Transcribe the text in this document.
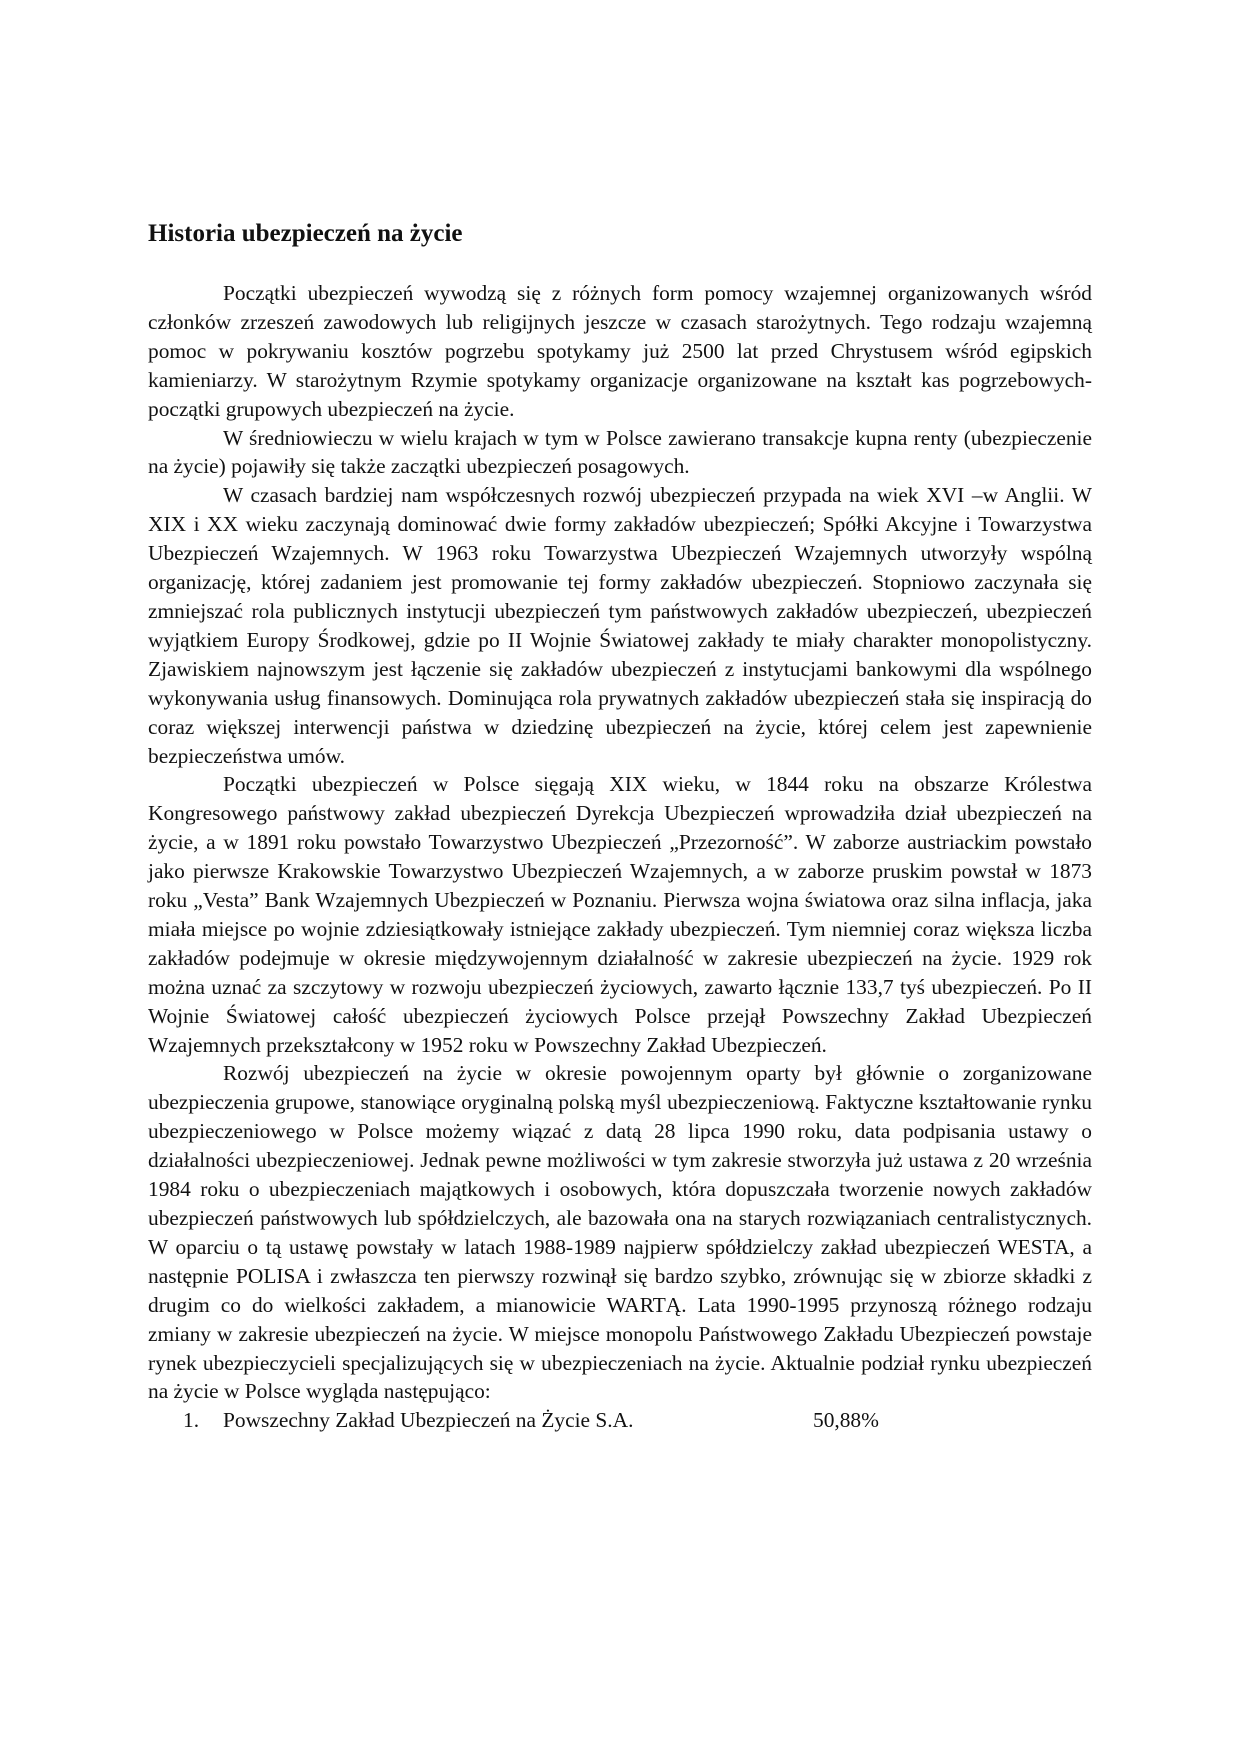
Historia ubezpieczeń na życie

Początki ubezpieczeń wywodzą się z różnych form pomocy wzajemnej organizowanych wśród członków zrzeszeń zawodowych lub religijnych jeszcze w czasach starożytnych. Tego rodzaju wzajemną pomoc w pokrywaniu kosztów pogrzebu spotykamy już 2500 lat przed Chrystusem wśród egipskich kamieniarzy. W starożytnym Rzymie spotykamy organizacje organizowane na kształt kas pogrzebowych-początki grupowych ubezpieczeń na życie.

W średniowieczu w wielu krajach w tym w Polsce zawierano transakcje kupna renty (ubezpieczenie na życie) pojawiły się także zaczątki ubezpieczeń posagowych.

W czasach bardziej nam współczesnych rozwój ubezpieczeń przypada na wiek XVI –w Anglii. W XIX i XX wieku zaczynają dominować dwie formy zakładów ubezpieczeń; Spółki Akcyjne i Towarzystwa Ubezpieczeń Wzajemnych. W 1963 roku Towarzystwa Ubezpieczeń Wzajemnych utworzyły wspólną organizację, której zadaniem jest promowanie tej formy zakładów ubezpieczeń. Stopniowo zaczynała się zmniejszać rola publicznych instytucji ubezpieczeń tym państwowych zakładów ubezpieczeń, ubezpieczeń wyjątkiem Europy Środkowej, gdzie po II Wojnie Światowej zakłady te miały charakter monopolistyczny. Zjawiskiem najnowszym jest łączenie się zakładów ubezpieczeń z instytucjami bankowymi dla wspólnego wykonywania usług finansowych. Dominująca rola prywatnych zakładów ubezpieczeń stała się inspiracją do coraz większej interwencji państwa w dziedzinę ubezpieczeń na życie, której celem jest zapewnienie bezpieczeństwa umów.

Początki ubezpieczeń w Polsce sięgają XIX wieku, w 1844 roku na obszarze Królestwa Kongresowego państwowy zakład ubezpieczeń Dyrekcja Ubezpieczeń wprowadziła dział ubezpieczeń na życie, a w 1891 roku powstało Towarzystwo Ubezpieczeń „Przezorność”. W zaborze austriackim powstało jako pierwsze Krakowskie Towarzystwo Ubezpieczeń Wzajemnych, a w zaborze pruskim powstał w 1873 roku „Vesta” Bank Wzajemnych Ubezpieczeń w Poznaniu. Pierwsza wojna światowa oraz silna inflacja, jaka miała miejsce po wojnie zdziesiątkowały istniejące zakłady ubezpieczeń. Tym niemniej coraz większa liczba zakładów podejmuje w okresie międzywojennym działalność w zakresie ubezpieczeń na życie. 1929 rok można uznać za szczytowy w rozwoju ubezpieczeń życiowych, zawarto łącznie 133,7 tyś ubezpieczeń. Po II Wojnie Światowej całość ubezpieczeń życiowych Polsce przejął Powszechny Zakład Ubezpieczeń Wzajemnych przekształcony w 1952 roku w Powszechny Zakład Ubezpieczeń.

Rozwój ubezpieczeń na życie w okresie powojennym oparty był głównie o zorganizowane ubezpieczenia grupowe, stanowiące oryginalną polską myśl ubezpieczeniową. Faktyczne kształtowanie rynku ubezpieczeniowego w Polsce możemy wiązać z datą 28 lipca 1990 roku, data podpisania ustawy o działalności ubezpieczeniowej. Jednak pewne możliwości w tym zakresie stworzyła już ustawa z 20 września 1984 roku o ubezpieczeniach majątkowych i osobowych, która dopuszczała tworzenie nowych zakładów ubezpieczeń państwowych lub spółdzielczych, ale bazowała ona na starych rozwiązaniach centralistycznych. W oparciu o tą ustawę powstały w latach 1988-1989 najpierw spółdzielczy zakład ubezpieczeń WESTA, a następnie POLISA i zwłaszcza ten pierwszy rozwinął się bardzo szybko, zrównując się w zbiorze składki z drugim co do wielkości zakładem, a mianowicie WARTĄ. Lata 1990-1995 przynoszą różnego rodzaju zmiany w zakresie ubezpieczeń na życie. W miejsce monopolu Państwowego Zakładu Ubezpieczeń powstaje rynek ubezpieczycieli specjalizujących się w ubezpieczeniach na życie. Aktualnie podział rynku ubezpieczeń na życie w Polsce wygląda następująco:

1.	Powszechny Zakład Ubezpieczeń na Życie S.A.	50,88%
